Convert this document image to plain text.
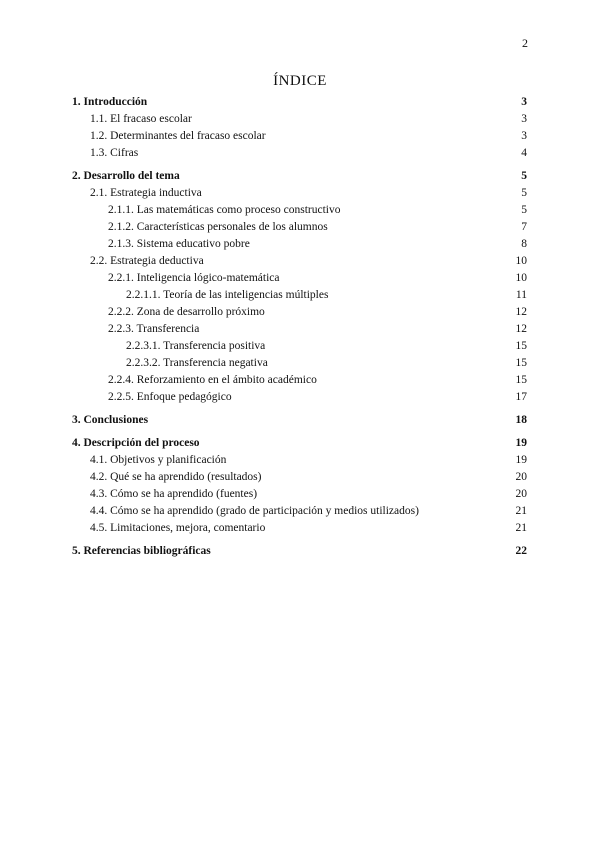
2
ÍNDICE
1. Introducción	3
1.1. El fracaso escolar	3
1.2. Determinantes del fracaso escolar	3
1.3. Cifras	4
2. Desarrollo del tema	5
2.1. Estrategia inductiva	5
2.1.1. Las matemáticas como proceso constructivo	5
2.1.2. Características personales de los alumnos	7
2.1.3. Sistema educativo pobre	8
2.2. Estrategia deductiva	10
2.2.1. Inteligencia lógico-matemática	10
2.2.1.1. Teoría de las inteligencias múltiples	11
2.2.2. Zona de desarrollo próximo	12
2.2.3. Transferencia	12
2.2.3.1. Transferencia positiva	15
2.2.3.2. Transferencia negativa	15
2.2.4. Reforzamiento en el ámbito académico	15
2.2.5. Enfoque pedagógico	17
3. Conclusiones	18
4. Descripción del proceso	19
4.1. Objetivos y planificación	19
4.2. Qué se ha aprendido (resultados)	20
4.3. Cómo se ha aprendido (fuentes)	20
4.4. Cómo se ha aprendido (grado de participación y medios utilizados)	21
4.5. Limitaciones, mejora, comentario	21
5. Referencias bibliográficas	22
